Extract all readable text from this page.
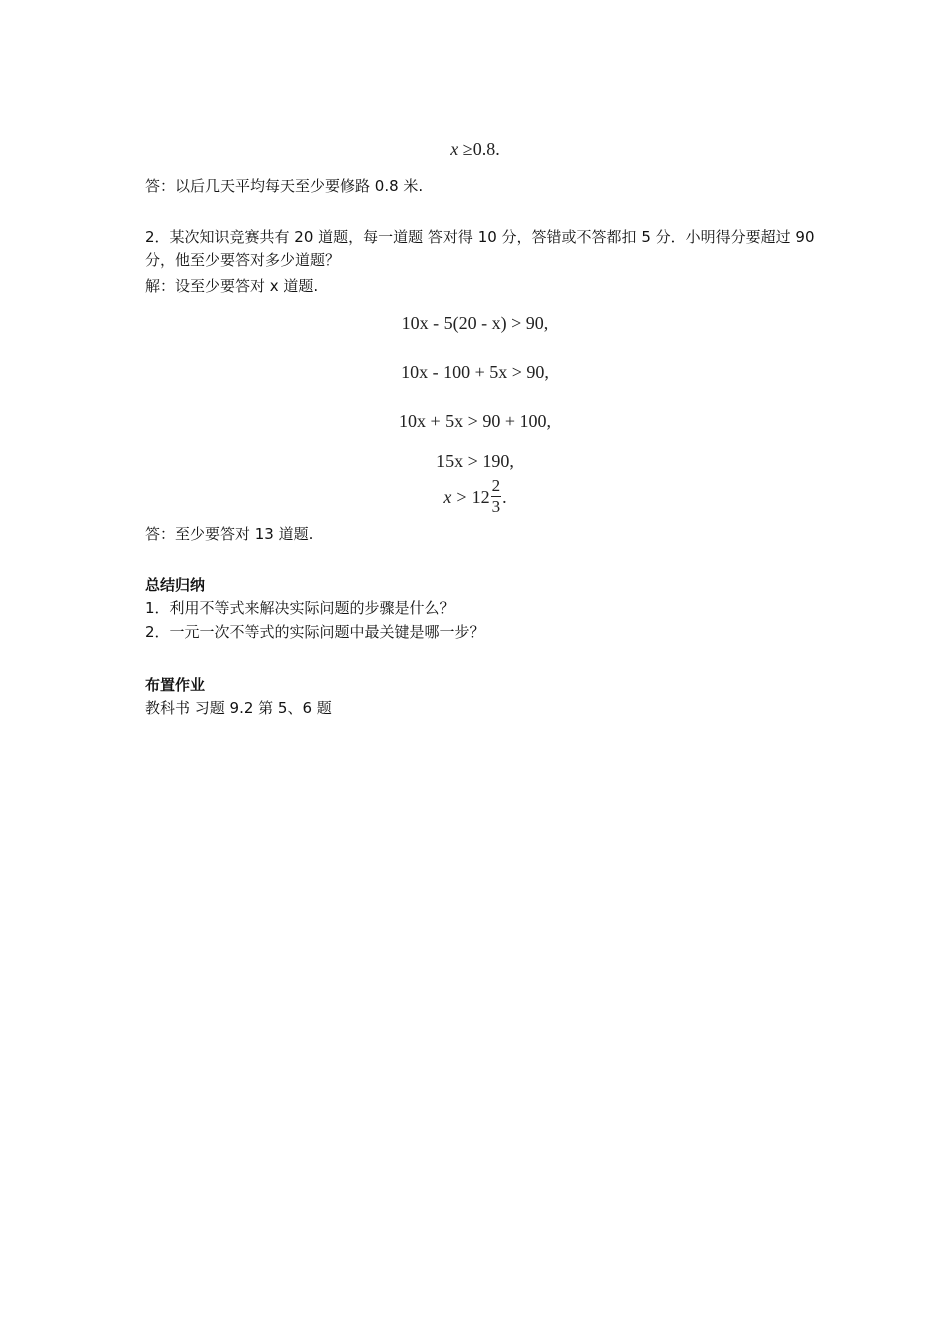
x ≥0.8.
答：以后几天平均每天至少要修路 0.8 米.
2．某次知识竞赛共有 20 道题，每一道题 答对得 10 分，答错或不答都扣 5 分．小明得分要超过 90 分，他至少要答对多少道题？
解：设至少要答对 x 道题.
10x - 5(20 - x) > 90,
10x - 100 + 5x > 90,
10x + 5x > 90 + 100,
15x > 190,
$x > 12 \frac{2}{3}$ .
答：至少要答对 13 道题.
总结归纳
1．利用不等式来解决实际问题的步骤是什么？
2．一元一次不等式的实际问题中最关键是哪一步？
布置作业
教科书 习题 9.2 第 5、6 题
